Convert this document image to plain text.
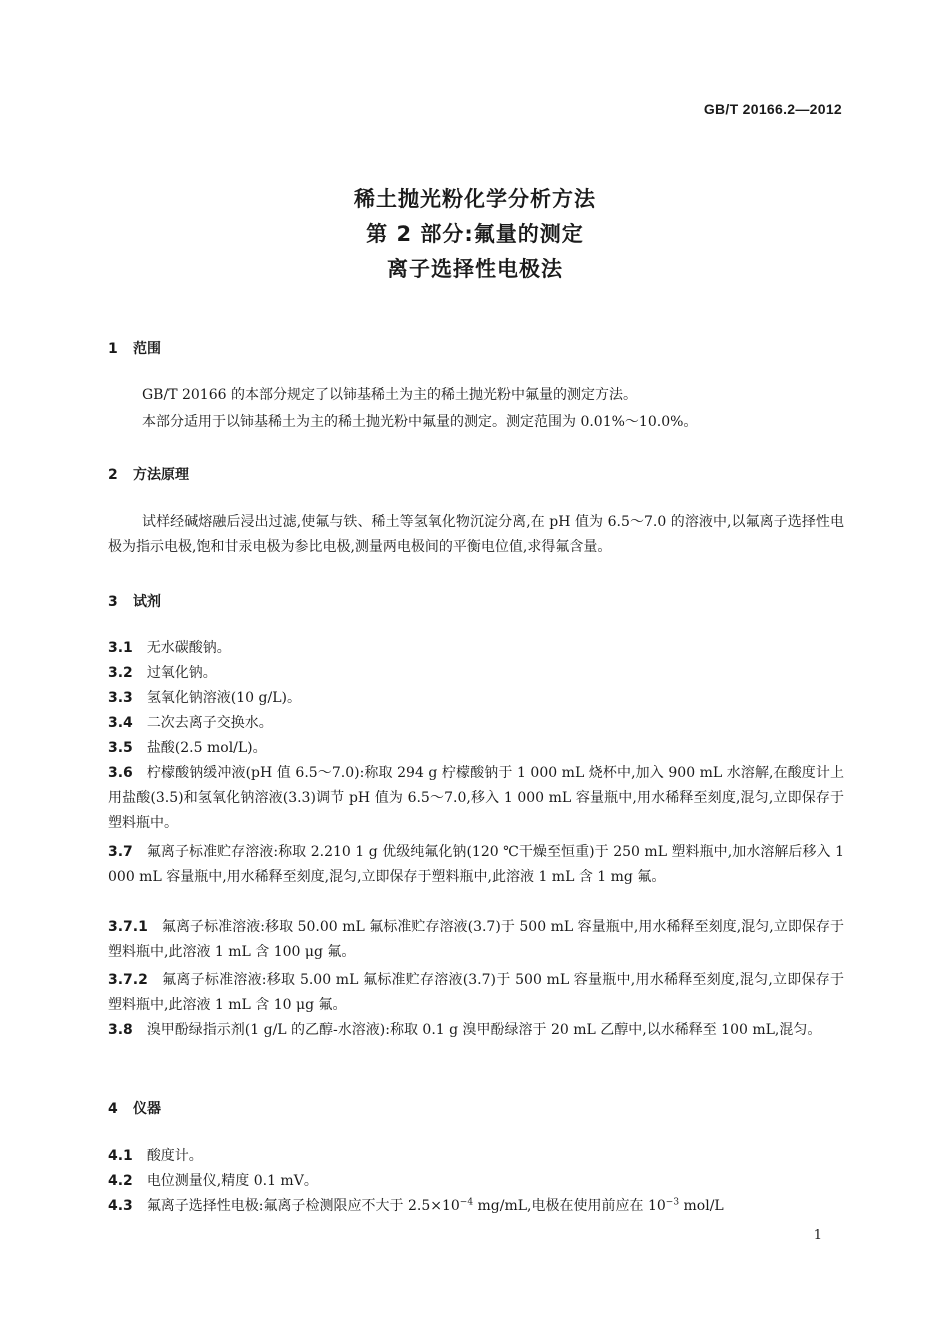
GB/T 20166.2—2012
稀土抛光粉化学分析方法
第 2 部分:氟量的测定
离子选择性电极法
1 范围
GB/T 20166 的本部分规定了以铈基稀土为主的稀土抛光粉中氟量的测定方法。
本部分适用于以铈基稀土为主的稀土抛光粉中氟量的测定。测定范围为 0.01%～10.0%。
2 方法原理
试样经碱熔融后浸出过滤,使氟与铁、稀土等氢氧化物沉淀分离,在 pH 值为 6.5～7.0 的溶液中,以氟离子选择性电极为指示电极,饱和甘汞电极为参比电极,测量两电极间的平衡电位值,求得氟含量。
3 试剂
3.1 无水碳酸钠。
3.2 过氧化钠。
3.3 氢氧化钠溶液(10 g/L)。
3.4 二次去离子交换水。
3.5 盐酸(2.5 mol/L)。
3.6 柠檬酸钠缓冲液(pH 值 6.5～7.0):称取 294 g 柠檬酸钠于 1 000 mL 烧杯中,加入 900 mL 水溶解,在酸度计上用盐酸(3.5)和氢氧化钠溶液(3.3)调节 pH 值为 6.5～7.0,移入 1 000 mL 容量瓶中,用水稀释至刻度,混匀,立即保存于塑料瓶中。
3.7 氟离子标准贮存溶液:称取 2.210 1 g 优级纯氟化钠(120 ℃干燥至恒重)于 250 mL 塑料瓶中,加水溶解后移入 1 000 mL 容量瓶中,用水稀释至刻度,混匀,立即保存于塑料瓶中,此溶液 1 mL 含 1 mg 氟。
3.7.1 氟离子标准溶液:移取 50.00 mL 氟标准贮存溶液(3.7)于 500 mL 容量瓶中,用水稀释至刻度,混匀,立即保存于塑料瓶中,此溶液 1 mL 含 100 μg 氟。
3.7.2 氟离子标准溶液:移取 5.00 mL 氟标准贮存溶液(3.7)于 500 mL 容量瓶中,用水稀释至刻度,混匀,立即保存于塑料瓶中,此溶液 1 mL 含 10 μg 氟。
3.8 溴甲酚绿指示剂(1 g/L 的乙醇-水溶液):称取 0.1 g 溴甲酚绿溶于 20 mL 乙醇中,以水稀释至 100 mL,混匀。
4 仪器
4.1 酸度计。
4.2 电位测量仪,精度 0.1 mV。
4.3 氟离子选择性电极:氟离子检测限应不大于 $2.5\times 10^{-4}$ mg/mL,电极在使用前应在 $10^{-3}$ mol/L
1
